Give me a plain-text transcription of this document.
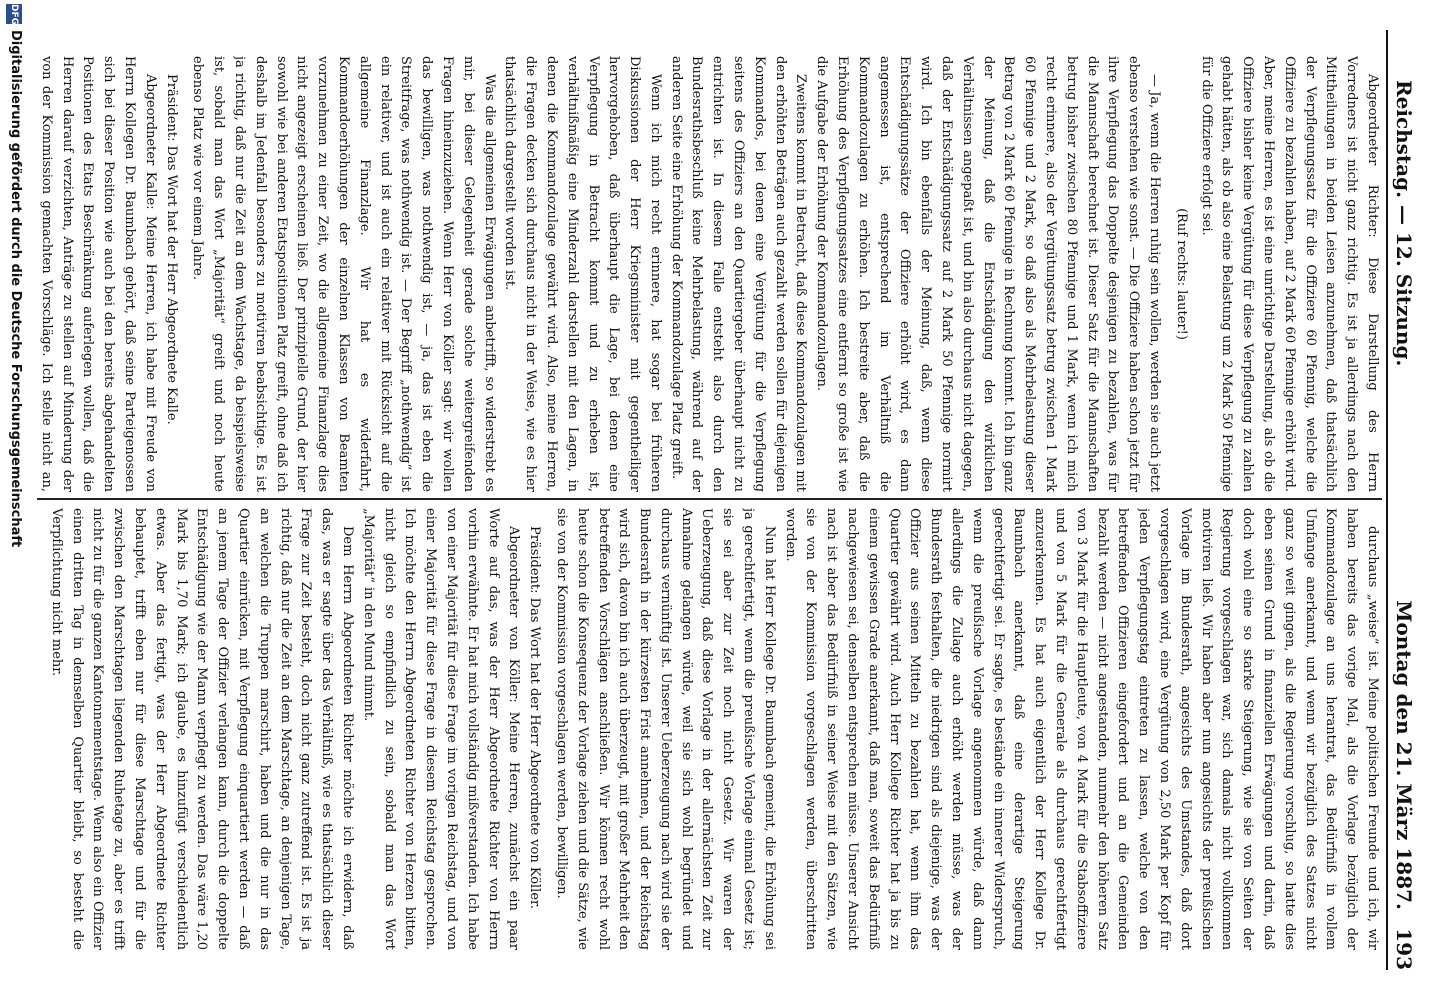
Reichstag. — 12. Sitzung.
Montag den 21. März 1887.
193

Abgeordneter Richter: Diese Darstellung des Herrn Vorredners ist nicht ganz richtig. Es ist ja allerdings nach den Mittheilungen in beiden Leisen anzunehmen, daß thatsächlich der Verpflegungssatz für die Offiziere 60 Pfennig, welche die Offiziere zu bezahlen haben, auf 2 Mark 60 Pfennige erhöht wird. Aber, meine Herren, es ist eine unrichtige Darstellung, als ob die Offiziere bisher keine Vergütung für diese Verpflegung zu zahlen gehabt hätten, als ob also eine Belastung um 2 Mark 50 Pfennige für die Offiziere erfolgt sei.

(Ruf rechts: lauter!)

— Ja, wenn die Herren ruhig sein wollen, werden sie auch jetzt ebenso verstehen wie sonst. — Die Offiziere haben schon jetzt für ihre Verpflegung das Doppelte desjenigen zu bezahlen, was für die Mannschaft berechnet ist. Dieser Satz für die Mannschaften betrug bisher zwischen 80 Pfennige und 1 Mark, wenn ich mich recht erinnere, also der Vergütungssatz betrug zwischen 1 Mark 60 Pfennige und 2 Mark, so daß also als Mehrbelastung dieser Betrag von 2 Mark 60 Pfennige in Rechnung kommt. Ich bin ganz der Meinung, daß die Entschädigung den wirklichen Verhältnissen angepaßt ist, und bin also durchaus nicht dagegen, daß der Entschädigungssatz auf 2 Mark 50 Pfennige normirt wird. Ich bin ebenfalls der Meinung, daß, wenn diese Entschädigungssätze der Offiziere erhöht wird, es dann angemessen ist, entsprechend im Verhältniß die Kommandozulagen zu erhöhen. Ich bestreite aber, daß die Erhöhung des Verpflegungssatzes eine entfernt so große ist wie die Aufgabe der Erhöhung der Kommandozulagen.

Zweitens kommt in Betracht, daß diese Kommandozulagen mit den erhöhten Beträgen auch gezahlt werden sollen für diejenigen Kommandos, bei denen eine Vergütung für die Verpflegung seitens des Offiziers an den Quartiergeber überhaupt nicht zu entrichten ist. In diesem Falle entsteht also durch den Bundesrathsbeschluß keine Mehrbelastung, während auf der anderen Seite eine Erhöhung der Kommandozulage Platz greift.

Wenn ich mich recht erinnere, hat sogar bei früheren Diskussionen der Herr Kriegsminister mit gegentheiliger hervorgehoben, daß überhaupt die Lage, bei denen eine Verpflegung in Betracht kommt und zu erheben ist, verhältnißmäßig eine Minderzahl darstellen mit den Lagen, in denen die Kommandozulage gewährt wird. Also, meine Herren, die Fragen decken sich durchaus nicht in der Weise, wie es hier thatsächlich dargestellt worden ist.

Was die allgemeinen Erwägungen anbetrifft, so widerstrebt es mir, bei dieser Gelegenheit gerade solche weitergreifenden Fragen hineinzuziehen. Wenn Herr von Köller sagt: wir wollen das bewilligen, was nothwendig ist, — ja, das ist eben die Streitfrage, was nothwendig ist. — Der Begriff „nothwendig“ ist ein relativer, und ist auch ein relativer mit Rücksicht auf die allgemeine Finanzlage. Wir hat es widerfahrt, Kommandoerhöhungen der einzelnen Klassen von Beamten vorzunehmen zu einer Zeit, wo die allgemeine Finanzlage dies nicht angezeigt erscheinen ließ. Der prinzipielle Grund, der hier sowohl wie bei anderen Etatspositionen Platz greift, ohne daß ich deshalb im Jedenfall besonders zu motiviren beabsichtige. Es ist ja richtig, daß nur die Zeit an dem Wachstage, da beispielsweise ist, sobald man das Wort „Majorität“ greift und noch heute ebenso Platz wie vor einem Jahre.

Präsident: Das Wort hat der Herr Abgeordnete Kalle.

Abgeordneter Kalle: Meine Herren, ich habe mit Freude von Herrn Kollegen Dr. Baumbach gehört, daß seine Parteigenossen sich bei dieser Position wie auch bei den bereits abgehandelten Positionen des Etats Beschränkung auferlegen wollen, daß die Herren darauf verzichten, Anträge zu stellen auf Minderung der von der Kommission gemachten Vorschläge. Ich stelle nicht an,

durchaus „weise“ ist. Meine politischen Freunde und ich, wir haben bereits das vorige Mal, als die Vorlage bezüglich der Kommandozulage an uns herantrat, das Bedürfniß in vollem Umfange anerkannt, und wenn wir bezüglich des Satzes nicht ganz so weit gingen, als die Regierung vorschlug, so hatte dies eben seinen Grund in finanziellen Erwägungen und darin, daß doch wohl eine so starke Steigerung, wie sie von Seiten der Regierung vorgeschlagen war, sich damals nicht vollkommen motiviren ließ. Wir haben aber nun angesichts der preußischen Vorlage im Bundesrath, angesichts des Umstandes, daß dort vorgeschlagen wird, eine Vergütung von 2,50 Mark per Kopf für jeden Verpflegungstag eintreten zu lassen, welche von den betreffenden Offizieren eingefordert und an die Gemeinden bezahlt werden — nicht angestanden, nunmehr den höheren Satz von 3 Mark für die Hauptleute, von 4 Mark für die Stabsoffiziere und von 5 Mark für die Generale als durchaus gerechtfertigt anzuerkennen. Es hat auch eigentlich der Herr Kollege Dr. Baumbach anerkannt, daß eine derartige Steigerung gerechtfertigt sei. Er sagte, es bestände ein innerer Widerspruch, wenn die preußische Vorlage angenommen würde, daß dann allerdings die Zulage auch erhöht werden müsse, was der Bundesrath festhalten, die niedrigen sind als diejenige, was der Offizier aus seinen Mitteln zu bezahlen hat, wenn ihm das Quartier gewährt wird. Auch Herr Kollege Richter hat ja bis zu einem gewissen Grade anerkannt, daß man, soweit das Bedürfniß nachgewiesen sei, denselben entsprechen müsse. Unserer Ansicht nach ist aber das Bedürfniß in seiner Weise mit den Sätzen, wie sie von der Kommission vorgeschlagen werden, überschritten worden.

Nun hat Herr Kollege Dr. Baumbach gemeint, die Erhöhung sei ja gerechtfertigt, wenn die preußische Vorlage einmal Gesetz ist; sie sei aber zur Zeit noch nicht Gesetz. Wir waren der Ueberzeugung, daß diese Vorlage in der allernächsten Zeit zur Annahme gelangen würde, weil sie sich wohl begründet und durchaus vernünftig ist. Unserer Ueberzeugung nach wird sie der Bundesrath in der kürzesten Frist annehmen, und der Reichstag wird sich, davon bin ich auch überzeugt, mit großer Mehrheit den betreffenden Vorschlägen anschließen. Wir können recht wohl heute schon die Konsequenz der Vorlage ziehen und die Sätze, wie sie von der Kommission vorgeschlagen werden, bewilligen.

Präsident: Das Wort hat der Herr Abgeordnete von Köller.

Abgeordneter von Köller: Meine Herren, zunächst ein paar Worte auf das, was der Herr Abgeordnete Richter von Herrn vorhin erwähnte. Er hat mich vollständig mißverstanden. Ich habe von einer Majorität für diese Frage im vorigen Reichstag, und von einer Majorität für diese Frage in diesem Reichstag gesprochen. Ich möchte den Herrn Abgeordneten Richter von Herzen bitten, nicht gleich so empfindlich zu sein, sobald man das Wort „Majorität“ in den Mund nimmt.

Dem Herrn Abgeordneten Richter möchte ich erwidern, daß das, was er sagte über das Verhältniß, wie es thatsächlich dieser Frage zur Zeit besteht, doch nicht ganz zutreffend ist. Es ist ja richtig, daß nur die Zeit an dem Marschtage, an denjenigen Tage, an welchen die Truppen marschirt, haben und die nur in das Quartier einrücken, mit Verpflegung einquartiert werden — daß an jenem Tage der Offizier verlangen kann, durch die doppelte Entschädigung wie der Mann verpflegt zu werden. Das wäre 1,20 Mark bis 1,70 Mark; ich glaube, es hinzufügt verschiedentlich etwas. Aber das fertigt, was der Herr Abgeordnete Richter behauptet, trifft eben nur für diese Marschtage und für die zwischen den Marschtagen liegenden Ruhetage zu, aber es trifft nicht zu für die ganzen Kantonnementstage. Wenn also ein Offizier einen dritten Tag in demselben Quartier bleibt, so besteht die Verpflichtung nicht mehr.

DFG
Digitalisierung gefördert durch die Deutsche Forschungsgemeinschaft
